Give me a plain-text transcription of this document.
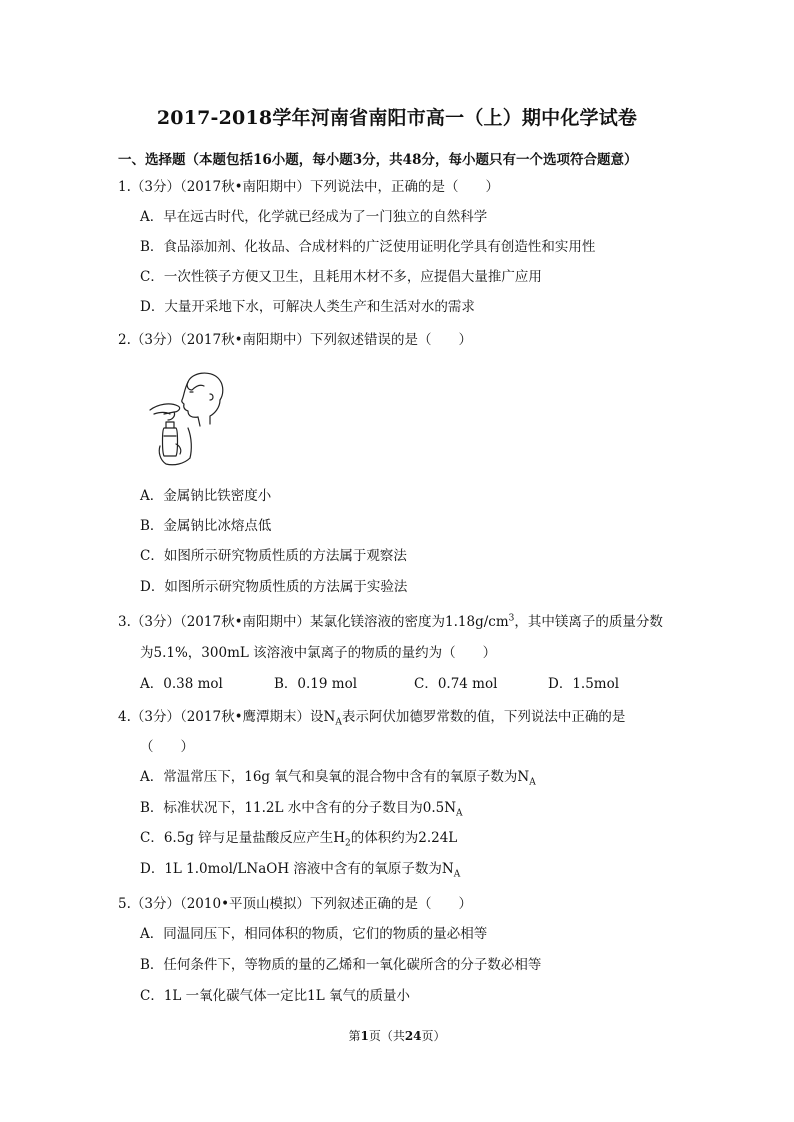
2017-2018学年河南省南阳市高一（上）期中化学试卷
一、选择题（本题包括16小题，每小题3分，共48分，每小题只有一个选项符合题意）
1.（3分）（2017秋•南阳期中）下列说法中，正确的是（　　）
A．早在远古时代，化学就已经成为了一门独立的自然科学
B．食品添加剂、化妆品、合成材料的广泛使用证明化学具有创造性和实用性
C．一次性筷子方便又卫生，且耗用木材不多，应提倡大量推广应用
D．大量开采地下水，可解决人类生产和生活对水的需求
2.（3分）（2017秋•南阳期中）下列叙述错误的是（　　）
A．金属钠比铁密度小
B．金属钠比冰熔点低
C．如图所示研究物质性质的方法属于观察法
D．如图所示研究物质性质的方法属于实验法
3.（3分）（2017秋•南阳期中）某氯化镁溶液的密度为$1.18g/cm^3$，其中镁离子的质量分数
为5.1%，300mL 该溶液中氯离子的物质的量约为（　　）
A．0.38 mol	B．0.19 mol	C．0.74 mol	D．1.5mol
4.（3分）（2017秋•鹰潭期末）设$N_A$表示阿伏加德罗常数的值，下列说法中正确的是
（　　）
A．常温常压下，16g 氧气和臭氧的混合物中含有的氧原子数为$N_A$
B．标准状况下，11.2L 水中含有的分子数目为$0.5N_A$
C．6.5g 锌与足量盐酸反应产生$H_2$的体积约为2.24L
D．1L 1.0mol/LNaOH 溶液中含有的氧原子数为$N_A$
5.（3分）（2010•平顶山模拟）下列叙述正确的是（　　）
A．同温同压下，相同体积的物质，它们的物质的量必相等
B．任何条件下，等物质的量的乙烯和一氧化碳所含的分子数必相等
C．1L 一氧化碳气体一定比1L 氧气的质量小
第1页（共24页）
